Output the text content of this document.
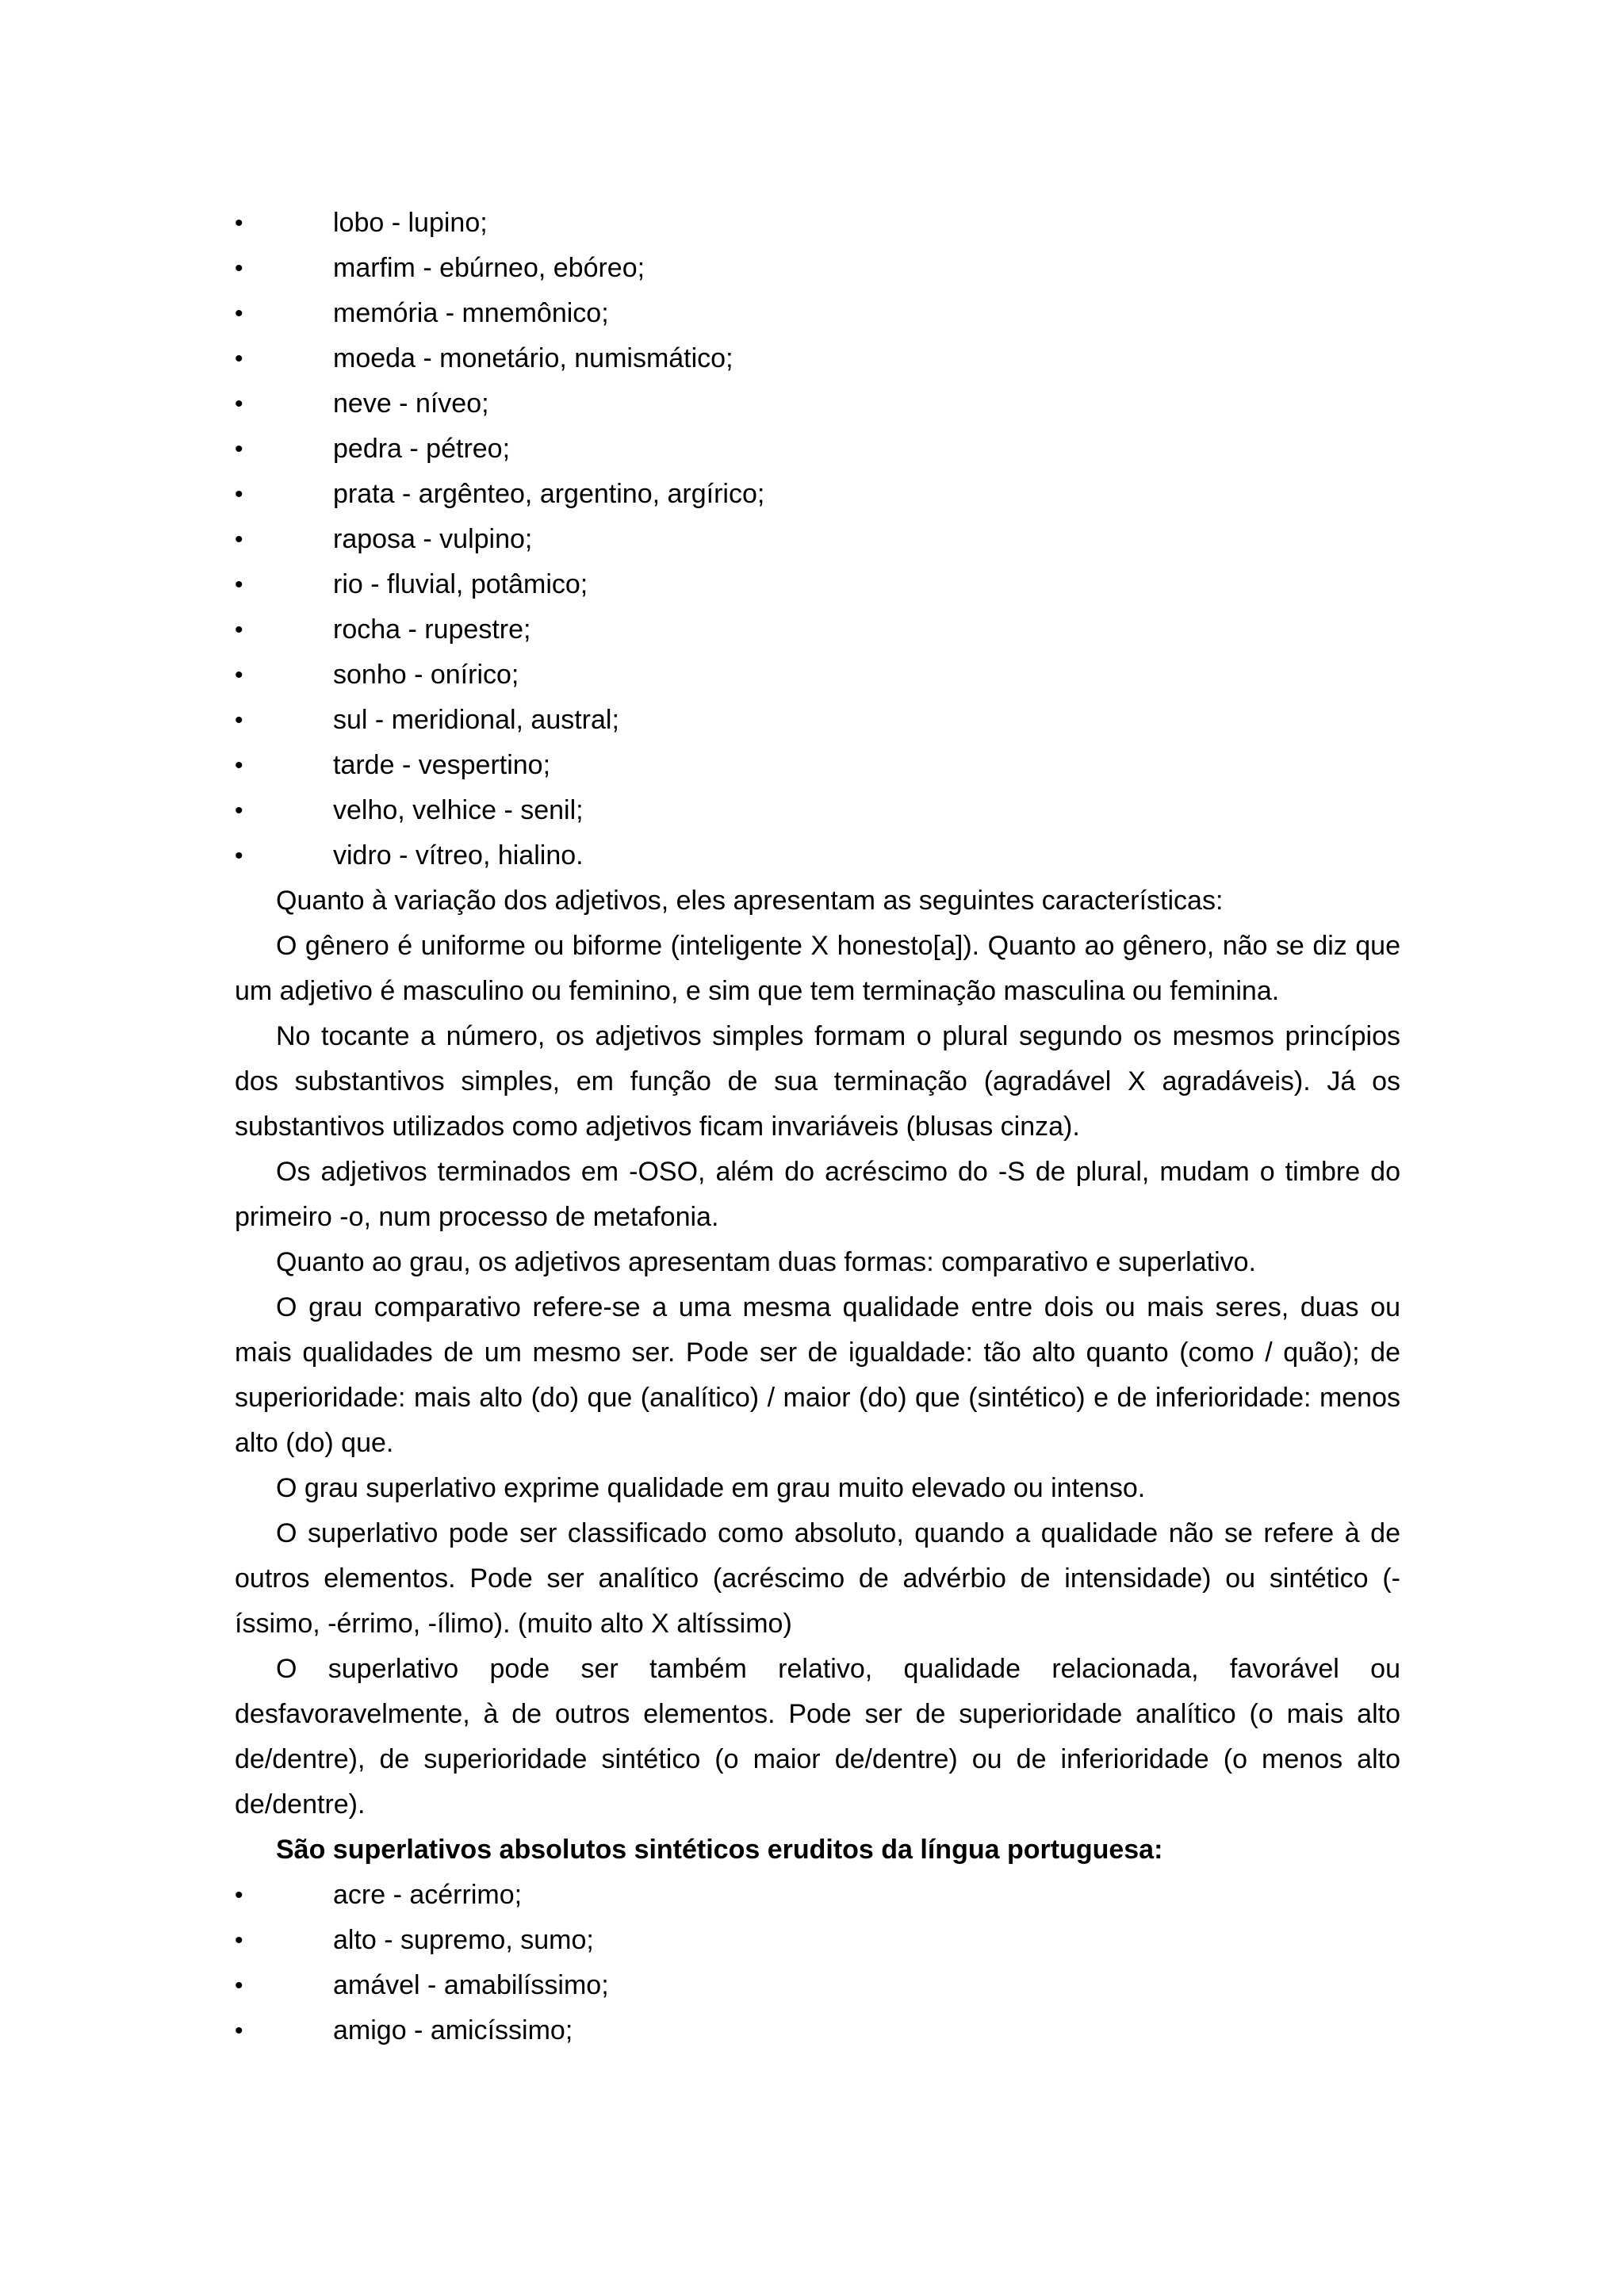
•	lobo - lupino;
•	marfim - ebúrneo, ebóreo;
•	memória - mnemônico;
•	moeda - monetário, numismático;
•	neve - níveo;
•	pedra - pétreo;
•	prata - argênteo, argentino, argírico;
•	raposa - vulpino;
•	rio - fluvial, potâmico;
•	rocha - rupestre;
•	sonho - onírico;
•	sul - meridional, austral;
•	tarde - vespertino;
•	velho, velhice - senil;
•	vidro - vítreo, hialino.

Quanto à variação dos adjetivos, eles apresentam as seguintes características:

O gênero é uniforme ou biforme (inteligente X honesto[a]). Quanto ao gênero, não se diz que um adjetivo é masculino ou feminino, e sim que tem terminação masculina ou feminina.

No tocante a número, os adjetivos simples formam o plural segundo os mesmos princípios dos substantivos simples, em função de sua terminação (agradável X agradáveis). Já os substantivos utilizados como adjetivos ficam invariáveis (blusas cinza).

Os adjetivos terminados em -OSO, além do acréscimo do -S de plural, mudam o timbre do primeiro -o, num processo de metafonia.

Quanto ao grau, os adjetivos apresentam duas formas: comparativo e superlativo.

O grau comparativo refere-se a uma mesma qualidade entre dois ou mais seres, duas ou mais qualidades de um mesmo ser. Pode ser de igualdade: tão alto quanto (como / quão); de superioridade: mais alto (do) que (analítico) / maior (do) que (sintético) e de inferioridade: menos alto (do) que.

O grau superlativo exprime qualidade em grau muito elevado ou intenso.

O superlativo pode ser classificado como absoluto, quando a qualidade não se refere à de outros elementos. Pode ser analítico (acréscimo de advérbio de intensidade) ou sintético (-íssimo, -érrimo, -ílimo). (muito alto X altíssimo)

O superlativo pode ser também relativo, qualidade relacionada, favorável ou desfavoravelmente, à de outros elementos. Pode ser de superioridade analítico (o mais alto de/dentre), de superioridade sintético (o maior de/dentre) ou de inferioridade (o menos alto de/dentre).

São superlativos absolutos sintéticos eruditos da língua portuguesa:

•	acre - acérrimo;
•	alto - supremo, sumo;
•	amável - amabilíssimo;
•	amigo - amicíssimo;
